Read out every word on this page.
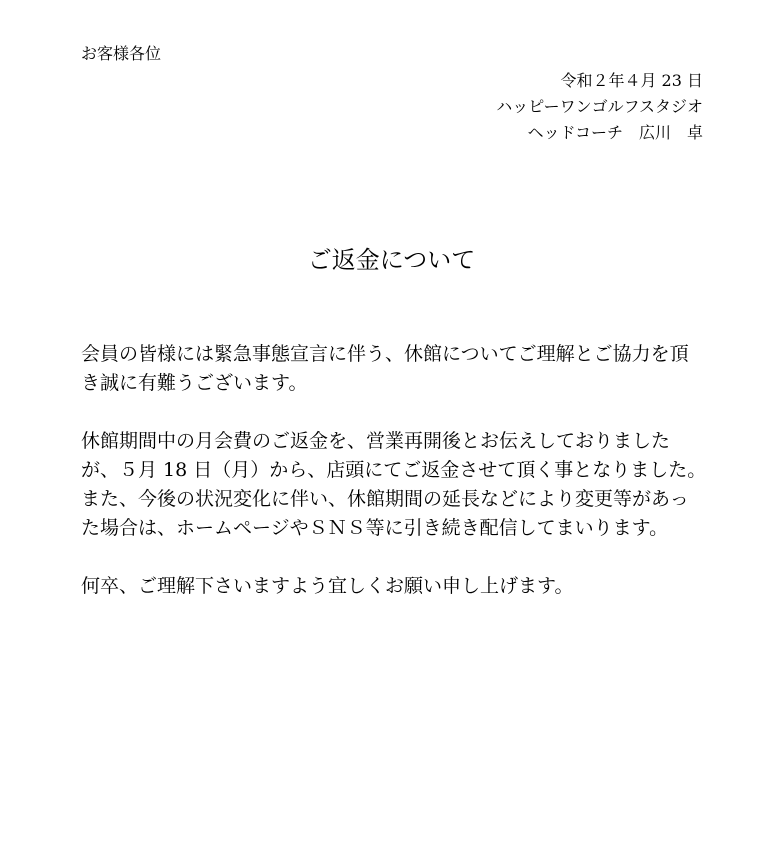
お客様各位
令和２年４月 23 日
ハッピーワンゴルフスタジオ
ヘッドコーチ　広川　卓
ご返金について

会員の皆様には緊急事態宣言に伴う、休館についてご理解とご協力を頂き誠に有難うございます。

休館期間中の月会費のご返金を、営業再開後とお伝えしておりましたが、５月 18 日（月）から、店頭にてご返金させて頂く事となりました。

また、今後の状況変化に伴い、休館期間の延長などにより変更等があった場合は、ホームページやＳＮＳ等に引き続き配信してまいります。

何卒、ご理解下さいますよう宜しくお願い申し上げます。
